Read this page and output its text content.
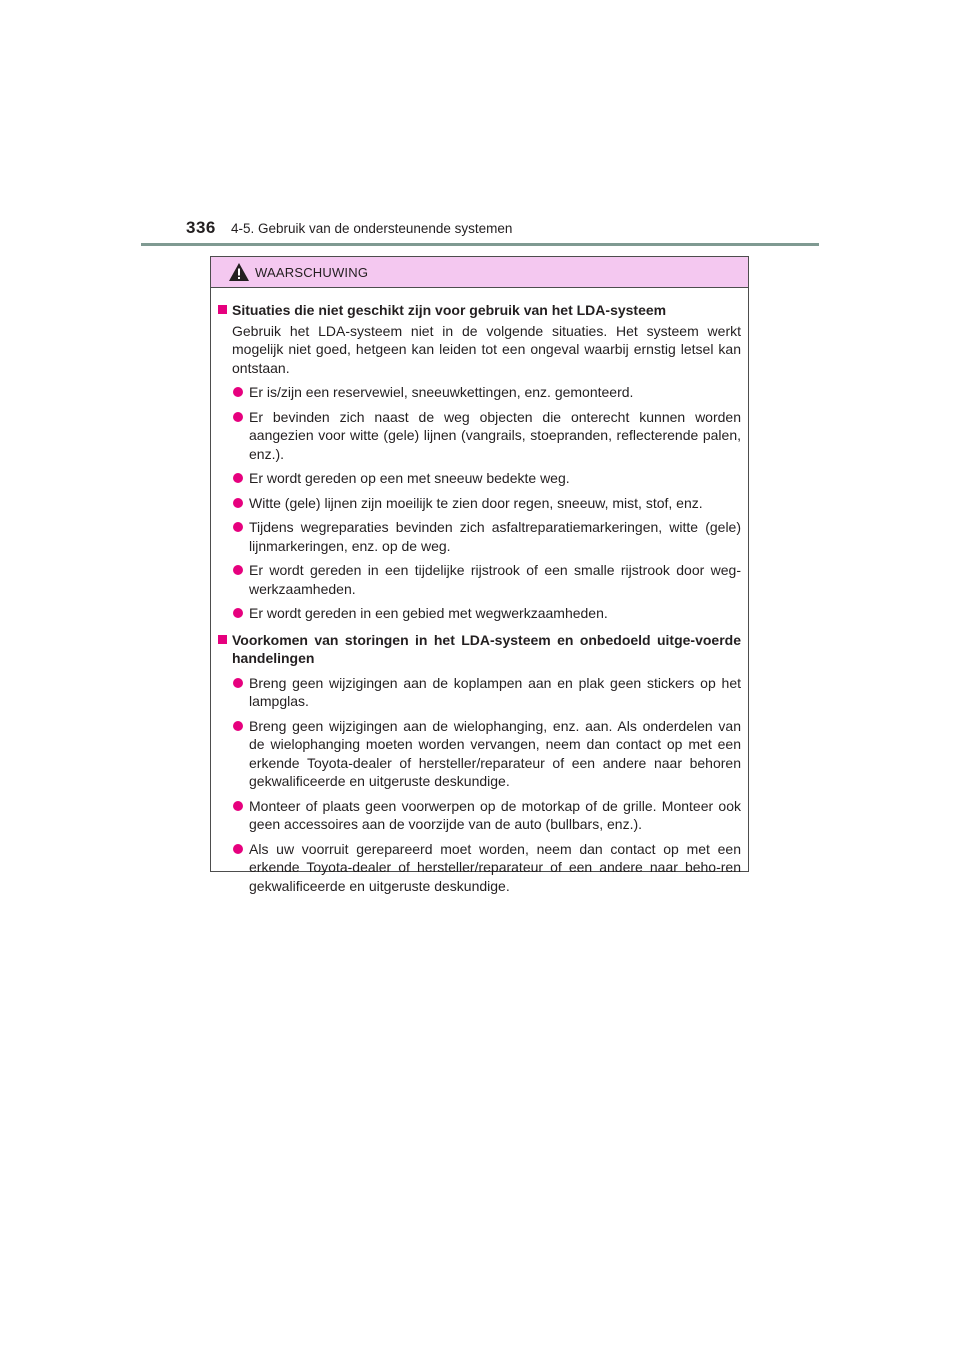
336 4-5. Gebruik van de ondersteunende systemen
WAARSCHUWING
Situaties die niet geschikt zijn voor gebruik van het LDA-systeem
Gebruik het LDA-systeem niet in de volgende situaties. Het systeem werkt mogelijk niet goed, hetgeen kan leiden tot een ongeval waarbij ernstig letsel kan ontstaan.
Er is/zijn een reservewiel, sneeuwkettingen, enz. gemonteerd.
Er bevinden zich naast de weg objecten die onterecht kunnen worden aangezien voor witte (gele) lijnen (vangrails, stoepranden, reflecterende palen, enz.).
Er wordt gereden op een met sneeuw bedekte weg.
Witte (gele) lijnen zijn moeilijk te zien door regen, sneeuw, mist, stof, enz.
Tijdens wegreparaties bevinden zich asfaltreparatiemarkeringen, witte (gele) lijnmarkeringen, enz. op de weg.
Er wordt gereden in een tijdelijke rijstrook of een smalle rijstrook door weg-werkzaamheden.
Er wordt gereden in een gebied met wegwerkzaamheden.
Voorkomen van storingen in het LDA-systeem en onbedoeld uitge-voerde handelingen
Breng geen wijzigingen aan de koplampen aan en plak geen stickers op het lampglas.
Breng geen wijzigingen aan de wielophanging, enz. aan. Als onderdelen van de wielophanging moeten worden vervangen, neem dan contact op met een erkende Toyota-dealer of hersteller/reparateur of een andere naar behoren gekwalificeerde en uitgeruste deskundige.
Monteer of plaats geen voorwerpen op de motorkap of de grille. Monteer ook geen accessoires aan de voorzijde van de auto (bullbars, enz.).
Als uw voorruit gerepareerd moet worden, neem dan contact op met een erkende Toyota-dealer of hersteller/reparateur of een andere naar beho-ren gekwalificeerde en uitgeruste deskundige.
